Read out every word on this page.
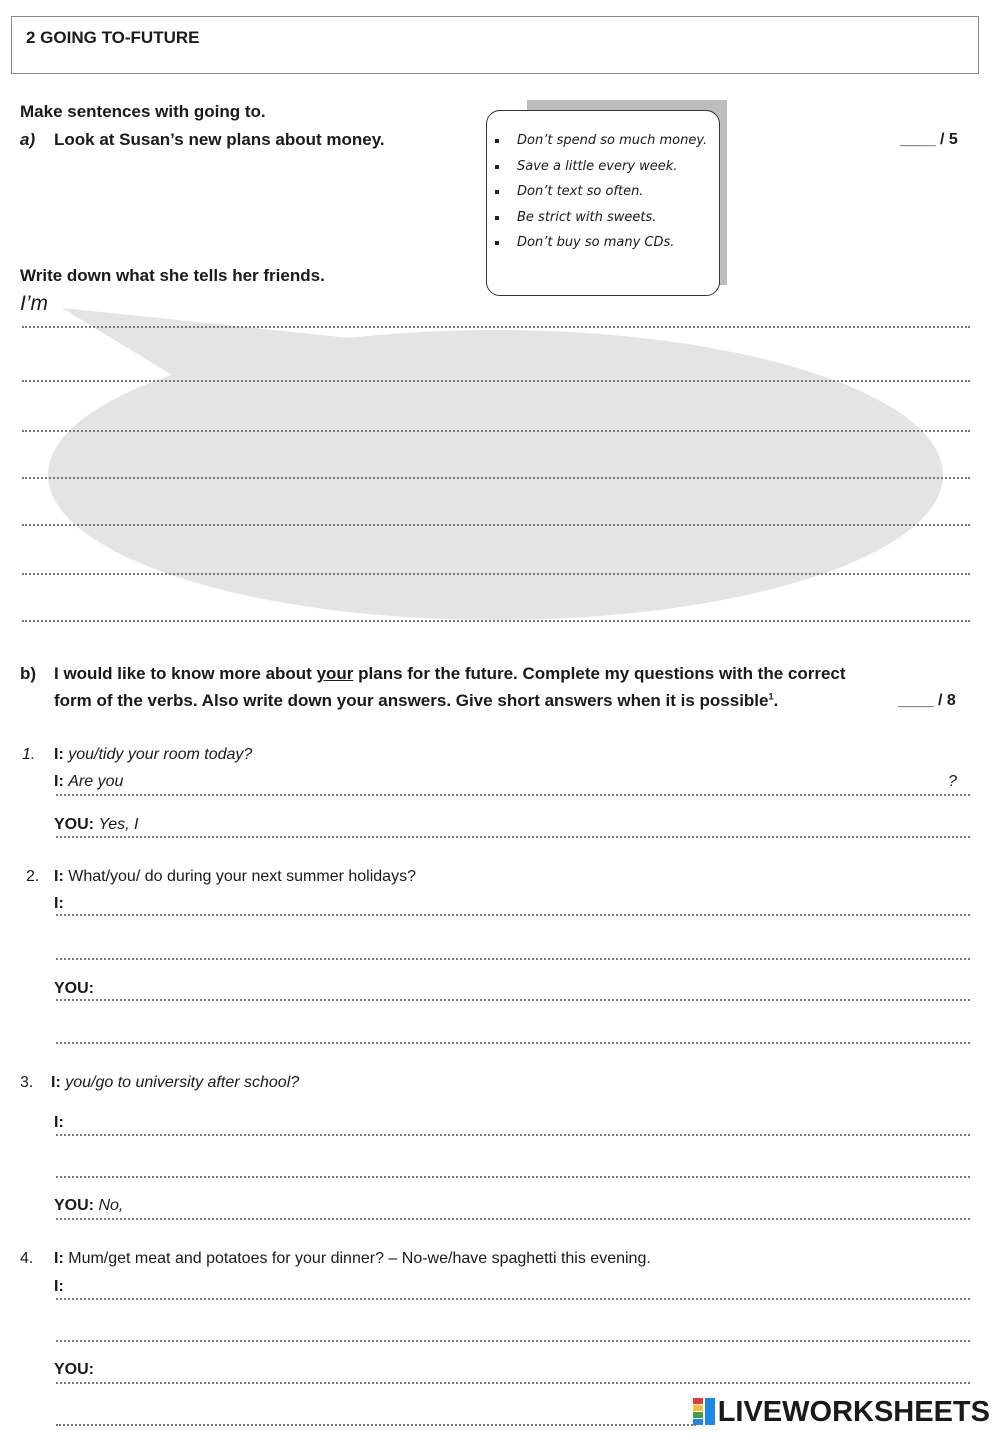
2 GOING TO-FUTURE
Make sentences with going to.
a) Look at Susan’s new plans about money.	____ / 5
Don’t spend so much money.
Save a little every week.
Don’t text so often.
Be strict with sweets.
Don’t buy so many CDs.
Write down what she tells her friends.
I’m
b) I would like to know more about your plans for the future. Complete my questions with the correct
form of the verbs. Also write down your answers. Give short answers when it is possible$^1$.	____ / 8
1. I: you/tidy your room today?
I: Are you	?
YOU: Yes, I
2. I: What/you/ do during your next summer holidays?
I:
YOU:
3. I: you/go to university after school?
I:
YOU: No,
4. I: Mum/get meat and potatoes for your dinner? – No-we/have spaghetti this evening.
I:
YOU:
LIVEWORKSHEETS
